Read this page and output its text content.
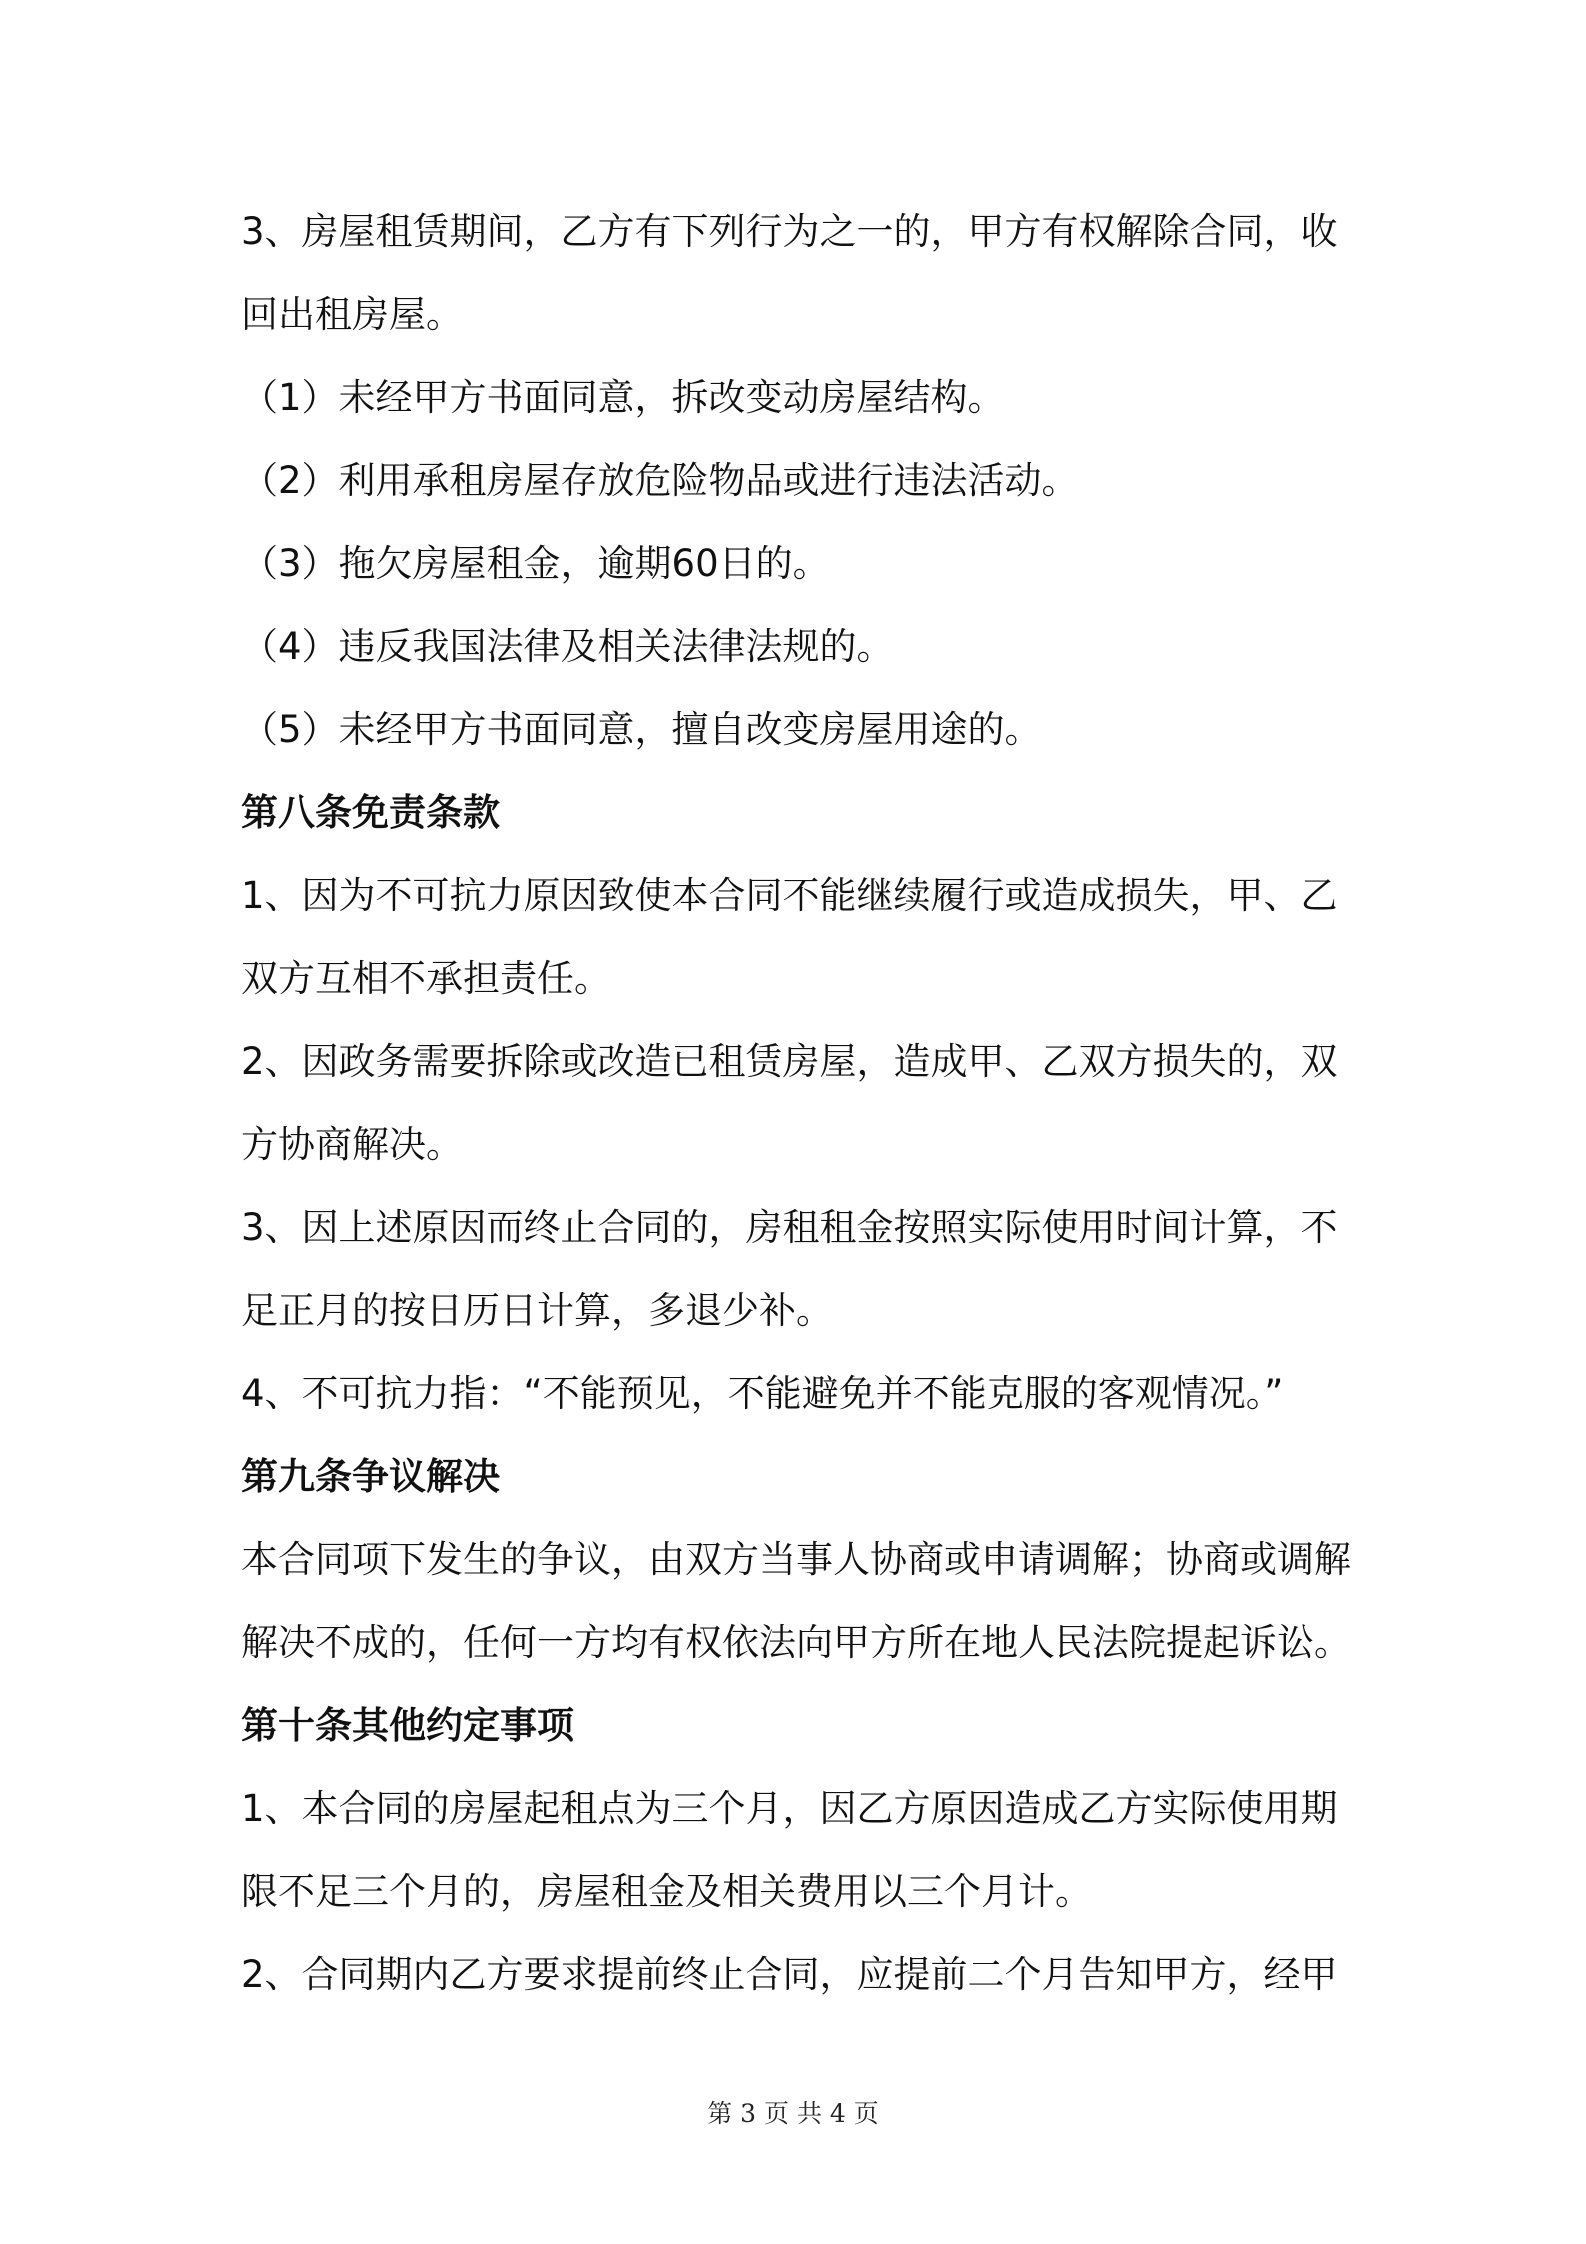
3、房屋租赁期间，乙方有下列行为之一的，甲方有权解除合同，收
回出租房屋。
（1）未经甲方书面同意，拆改变动房屋结构。
（2）利用承租房屋存放危险物品或进行违法活动。
（3）拖欠房屋租金，逾期60日的。
（4）违反我国法律及相关法律法规的。
（5）未经甲方书面同意，擅自改变房屋用途的。
第八条免责条款
1、因为不可抗力原因致使本合同不能继续履行或造成损失，甲、乙
双方互相不承担责任。
2、因政务需要拆除或改造已租赁房屋，造成甲、乙双方损失的，双
方协商解决。
3、因上述原因而终止合同的，房租租金按照实际使用时间计算，不
足正月的按日历日计算，多退少补。
4、不可抗力指：“不能预见，不能避免并不能克服的客观情况。”
第九条争议解决
本合同项下发生的争议，由双方当事人协商或申请调解；协商或调解
解决不成的，任何一方均有权依法向甲方所在地人民法院提起诉讼。
第十条其他约定事项
1、本合同的房屋起租点为三个月，因乙方原因造成乙方实际使用期
限不足三个月的，房屋租金及相关费用以三个月计。
2、合同期内乙方要求提前终止合同，应提前二个月告知甲方，经甲
第 3 页 共 4 页
